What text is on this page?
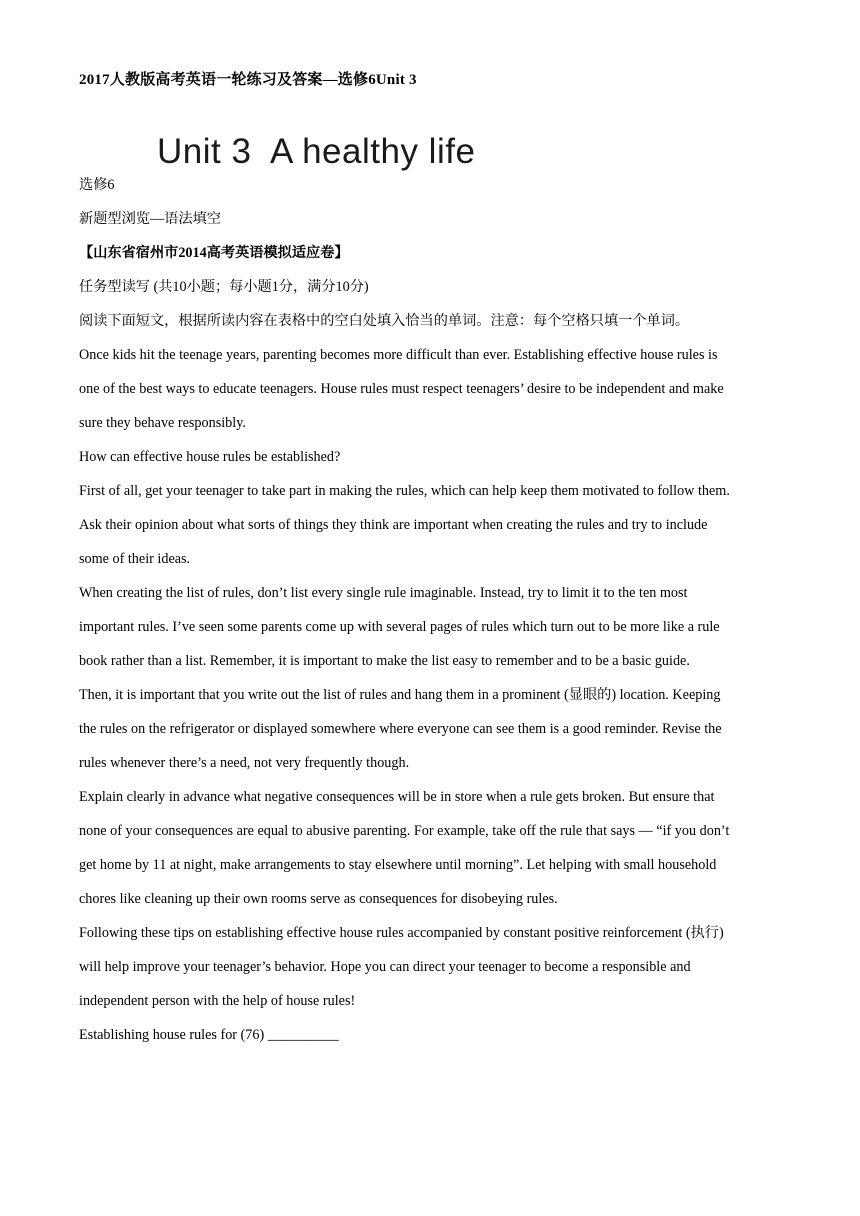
2017人教版高考英语一轮练习及答案—选修6Unit 3
Unit 3  A healthy life
选修6
新题型浏览—语法填空
【山东省宿州市2014高考英语模拟适应卷】
任务型读写 (共10小题；每小题1分，满分10分)
阅读下面短文，根据所读内容在表格中的空白处填入恰当的单词。注意：每个空格只填一个单词。
Once kids hit the teenage years, parenting becomes more difficult than ever. Establishing effective house rules is
one of the best ways to educate teenagers. House rules must respect teenagers’ desire to be independent and make
sure they behave responsibly.
How can effective house rules be established?
First of all, get your teenager to take part in making the rules, which can help keep them motivated to follow them.
Ask their opinion about what sorts of things they think are important when creating the rules and try to include
some of their ideas.
When creating the list of rules, don’t list every single rule imaginable. Instead, try to limit it to the ten most
important rules. I’ve seen some parents come up with several pages of rules which turn out to be more like a rule
book rather than a list. Remember, it is important to make the list easy to remember and to be a basic guide.
Then, it is important that you write out the list of rules and hang them in a prominent (显眼的) location. Keeping
the rules on the refrigerator or displayed somewhere where everyone can see them is a good reminder. Revise the
rules whenever there’s a need, not very frequently though.
Explain clearly in advance what negative consequences will be in store when a rule gets broken. But ensure that
none of your consequences are equal to abusive parenting. For example, take off the rule that says — “if you don’t
get home by 11 at night, make arrangements to stay elsewhere until morning”. Let helping with small household
chores like cleaning up their own rooms serve as consequences for disobeying rules.
Following these tips on establishing effective house rules accompanied by constant positive reinforcement (执行)
will help improve your teenager’s behavior. Hope you can direct your teenager to become a responsible and
independent person with the help of house rules!
Establishing house rules for (76) __________
